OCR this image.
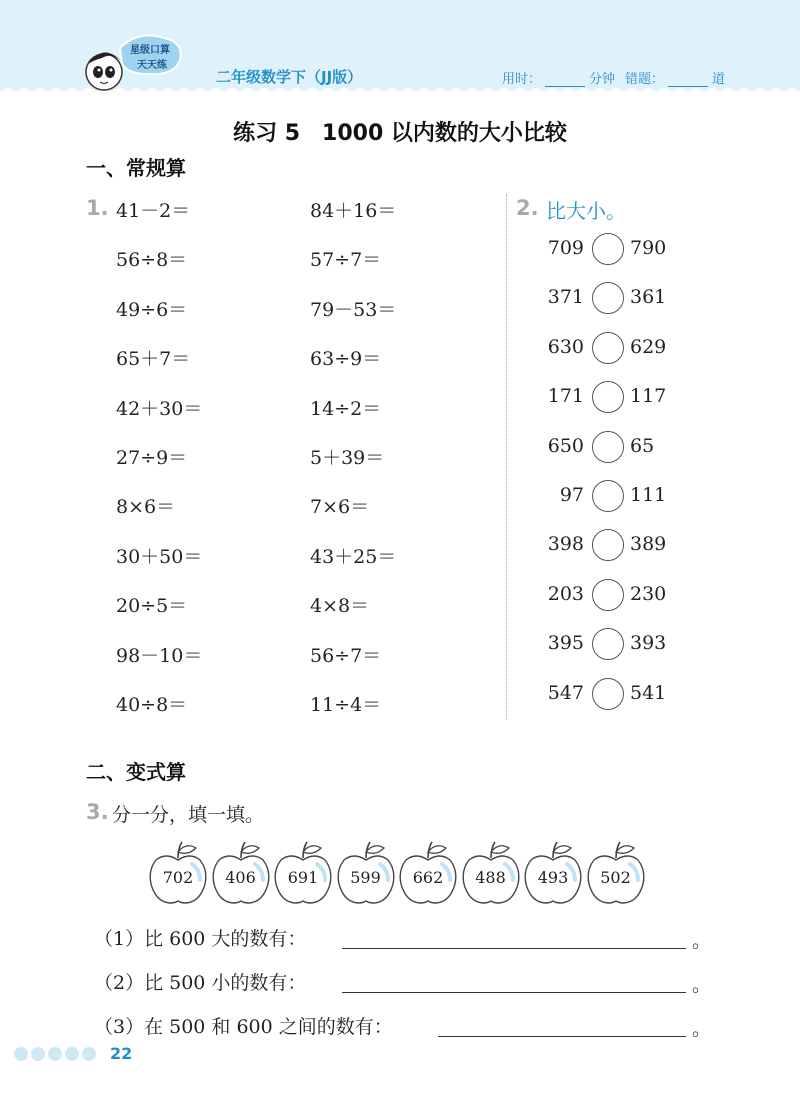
星级口算
天天练
二年级数学下（JJ版）	用时：	分钟 错题：	道
练习 5　1000 以内数的大小比较
一、常规算
1. 41－2＝
56÷8＝
49÷6＝
65＋7＝
42＋30＝
27÷9＝
8×6＝
30＋50＝
20÷5＝
98－10＝
40÷8＝
84＋16＝
57÷7＝
79－53＝
63÷9＝
14÷2＝
5＋39＝
7×6＝
43＋25＝
4×8＝
56÷7＝
11÷4＝
2. 比大小。
709 790
371 361
630 629
171 117
650 65
97 111
398 389
203 230
395 393
547 541
二、变式算
3. 分一分，填一填。
702	406	691	599	662	488	493	502
（1）比 600 大的数有：	。
（2）比 500 小的数有：	。
（3）在 500 和 600 之间的数有：	。
22
